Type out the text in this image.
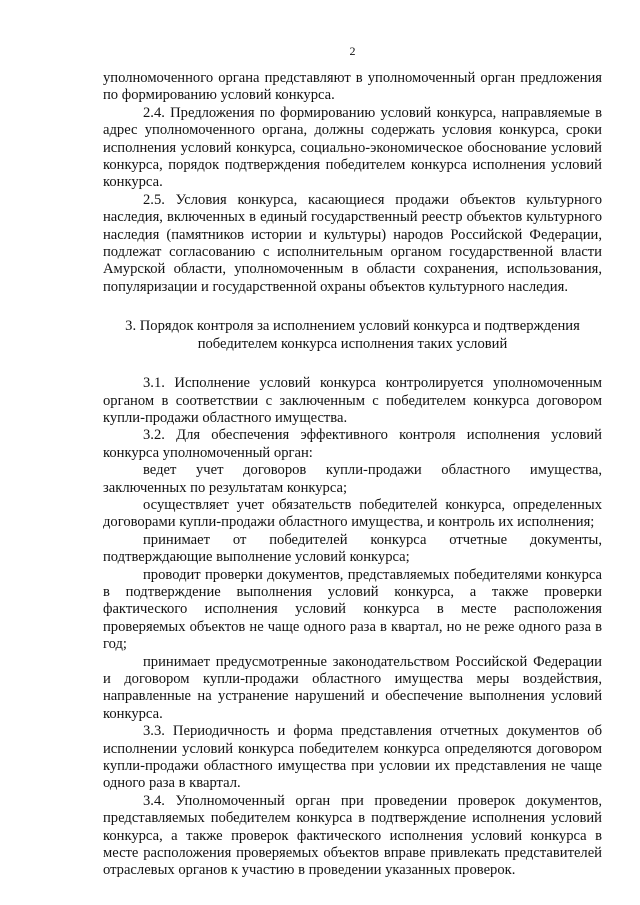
2

уполномоченного органа представляют в уполномоченный орган предложения по формированию условий конкурса.

2.4. Предложения по формированию условий конкурса, направляемые в адрес уполномоченного органа, должны содержать условия конкурса, сроки исполнения условий конкурса, социально-экономическое обоснование условий конкурса, порядок подтверждения победителем конкурса исполнения условий конкурса.

2.5. Условия конкурса, касающиеся продажи объектов культурного наследия, включенных в единый государственный реестр объектов культурного наследия (памятников истории и культуры) народов Российской Федерации, подлежат согласованию с исполнительным органом государственной власти Амурской области, уполномоченным в области сохранения, использования, популяризации и государственной охраны объектов культурного наследия.

3. Порядок контроля за исполнением условий конкурса и подтверждения
победителем конкурса исполнения таких условий

3.1. Исполнение условий конкурса контролируется уполномоченным органом в соответствии с заключенным с победителем конкурса договором купли-продажи областного имущества.

3.2. Для обеспечения эффективного контроля исполнения условий конкурса уполномоченный орган:

ведет учет договоров купли-продажи областного имущества, заключенных по результатам конкурса;

осуществляет учет обязательств победителей конкурса, определенных договорами купли-продажи областного имущества, и контроль их исполнения;

принимает от победителей конкурса отчетные документы, подтверждающие выполнение условий конкурса;

проводит проверки документов, представляемых победителями конкурса в подтверждение выполнения условий конкурса, а также проверки фактического исполнения условий конкурса в месте расположения проверяемых объектов не чаще одного раза в квартал, но не реже одного раза в год;

принимает предусмотренные законодательством Российской Федерации и договором купли-продажи областного имущества меры воздействия, направленные на устранение нарушений и обеспечение выполнения условий конкурса.

3.3. Периодичность и форма представления отчетных документов об исполнении условий конкурса победителем конкурса определяются договором купли-продажи областного имущества при условии их представления не чаще одного раза в квартал.

3.4. Уполномоченный орган при проведении проверок документов, представляемых победителем конкурса в подтверждение исполнения условий конкурса, а также проверок фактического исполнения условий конкурса в месте расположения проверяемых объектов вправе привлекать представителей отраслевых органов к участию в проведении указанных проверок.
